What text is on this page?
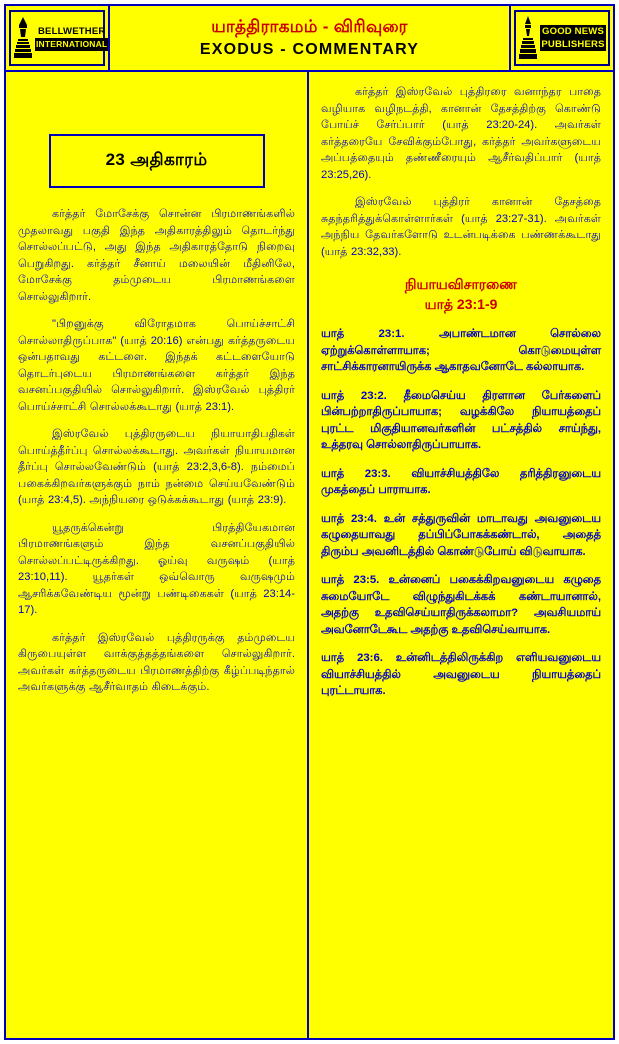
BELLWETHER
INTERNATIONAL
யாத்திராகமம் - விரிவுரை
EXODUS - COMMENTARY
GOOD NEWS
PUBLISHERS
23 அதிகாரம்

கர்த்தர் மோசேக்கு சொன்ன பிரமாணங்களில் முதலாவது பகுதி இந்த அதிகாரத்திலும் தொடர்ந்து சொல்லப்பட்டு, அது இந்த அதிகாரத்தோடு நிறைவு பெறுகிறது. கர்த்தர் சீனாய் மலையின் மீதினிலே, மோசேக்கு தம்முடைய பிரமாணங்களை சொல்லுகிறார்.

"பிறனுக்கு விரோதமாக பொய்ச்சாட்சி சொல்லாதிருப்பாக" (யாத் 20:16) என்பது கர்த்தருடைய ஒன்பதாவது கட்டளை. இந்தக் கட்டளையோடு தொடர்புடைய பிரமாணங்களை கர்த்தர் இந்த வசனப்பகுதியில் சொல்லுகிறார். இஸ்ரவேல் புத்திரர் பொய்ச்சாட்சி சொல்லக்கூடாது (யாத் 23:1).

இஸ்ரவேல் புத்திரருடைய நியாயாதிபதிகள் பொய்த்தீர்ப்பு சொல்லக்கூடாது. அவர்கள் நியாயமான தீர்ப்பு சொல்லவேண்டும் (யாத் 23:2,3,6-8). நம்மைப் பகைக்கிறவர்களுக்கும் நாம் நன்மை செய்யவேண்டும் (யாத் 23:4,5). அந்நியரை ஒடுக்கக்கூடாது (யாத் 23:9).

யூதருக்கென்று பிரத்தியேகமான பிரமாணங்களும் இந்த வசனப்பகுதியில் சொல்லப்பட்டிருக்கிறது. ஓய்வு வருஷம் (யாத் 23:10,11). யூதர்கள் ஒவ்வொரு வருஷமும் ஆசரிக்கவேண்டிய மூன்று பண்டிகைகள் (யாத் 23:14-17).

கர்த்தர் இஸ்ரவேல் புத்திரருக்கு தம்முடைய கிருபையுள்ள வாக்குத்தத்தங்களை சொல்லுகிறார். அவர்கள் கர்த்தருடைய பிரமாணத்திற்கு கீழ்ப்படிந்தால் அவர்களுக்கு ஆசீர்வாதம் கிடைக்கும்.

கர்த்தர் இஸ்ரவேல் புத்திரரை வனாந்தர பாதை வழியாக வழிநடத்தி, கானான் தேசத்திற்கு கொண்டு போய்ச் சேர்ப்பார் (யாத் 23:20-24). அவர்கள் கர்த்தரையே சேவிக்கும்போது, கர்த்தர் அவர்களுடைய அப்பத்தையும் தண்ணீரையும் ஆசீர்வதிப்பார் (யாத் 23:25,26).

இஸ்ரவேல் புத்திரர் கானான் தேசத்தை சுதந்தரித்துக்கொள்ளார்கள் (யாத் 23:27-31). அவர்கள் அந்நிய தேவர்களோடு உடன்படிக்கை பண்ணக்கூடாது (யாத் 23:32,33).

நியாயவிசாரணை
யாத் 23:1-9

யாத் 23:1. அபாண்டமான சொல்லை ஏற்றுக்கொள்ளாயாக; கொடுமையுள்ள சாட்சிக்காரனாயிருக்க ஆகாதவனோடே கல்லாயாக.

யாத் 23:2. தீமைசெய்ய திரளான பேர்களைப் பின்பற்றாதிருப்பாயாக; வழக்கிலே நியாயத்தைப் புரட்ட மிகுதியானவர்களின் பட்சத்தில் சாய்ந்து, உத்தரவு சொல்லாதிருப்பாயாக.

யாத் 23:3. வியாச்சியத்திலே தரித்திரனுடைய முகத்தைப் பாராயாக.

யாத் 23:4. உன் சத்துருவின் மாடாவது அவனுடைய கழுதையாவது தப்பிப்போகக்கண்டால், அதைத் திரும்ப அவனிடத்தில் கொண்டுபோய் விடுவாயாக.

யாத் 23:5. உன்னைப் பகைக்கிறவனுடைய கழுதை சுமையோடே விழுந்துகிடக்கக் கண்டாயானால், அதற்கு உதவிசெய்யாதிருக்கலாமா? அவசியமாய் அவனோடேகூட அதற்கு உதவிசெய்வாயாக.

யாத் 23:6. உன்னிடத்திலிருக்கிற எளியவனுடைய வியாச்சியத்தில் அவனுடைய நியாயத்தைப் புரட்டாயாக.
